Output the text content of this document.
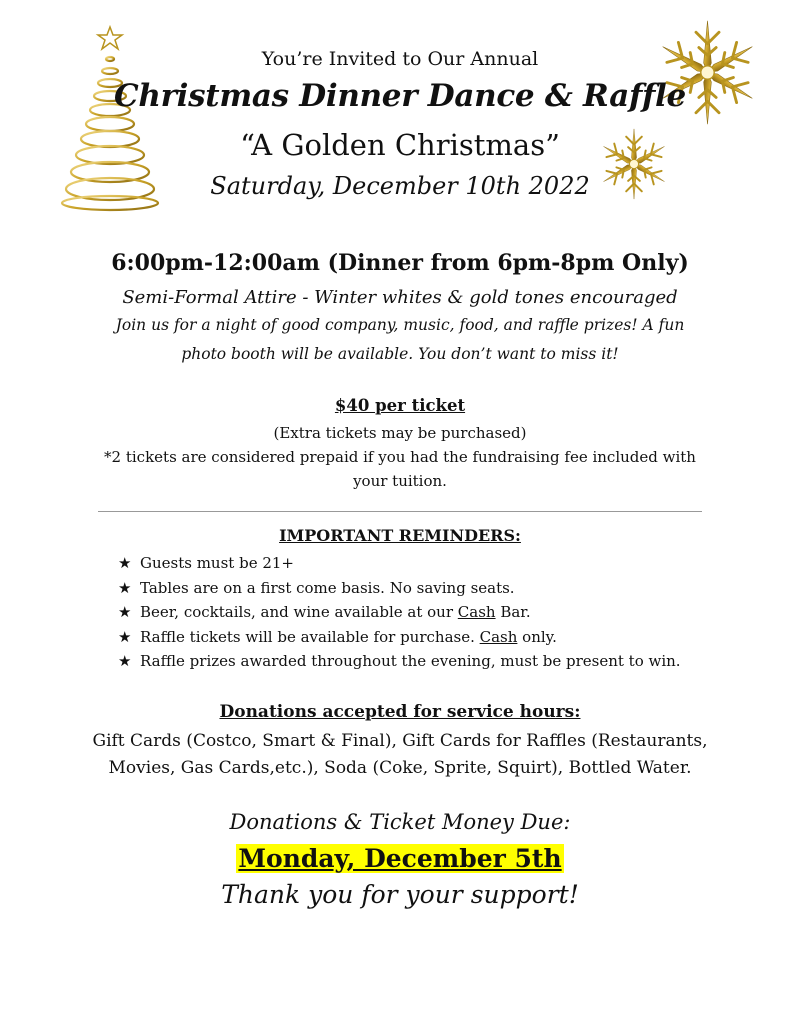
You’re Invited to Our Annual
Christmas Dinner Dance & Raffle
“A Golden Christmas”
Saturday, December 10th 2022
6:00pm-12:00am (Dinner from 6pm-8pm Only)
Semi-Formal Attire - Winter whites & gold tones encouraged
Join us for a night of good company, music, food, and raffle prizes! A fun
photo booth will be available. You don’t want to miss it!
$40 per ticket
(Extra tickets may be purchased)
*2 tickets are considered prepaid if you had the fundraising fee included with
your tuition.
IMPORTANT REMINDERS:
★ Guests must be 21+
★ Tables are on a first come basis. No saving seats.
★ Beer, cocktails, and wine available at our Cash Bar.
★ Raffle tickets will be available for purchase. Cash only.
★ Raffle prizes awarded throughout the evening, must be present to win.
Donations accepted for service hours:
Gift Cards (Costco, Smart & Final), Gift Cards for Raffles (Restaurants,
Movies, Gas Cards,etc.), Soda (Coke, Sprite, Squirt), Bottled Water.
Donations & Ticket Money Due:
Monday, December 5th
Thank you for your support!
